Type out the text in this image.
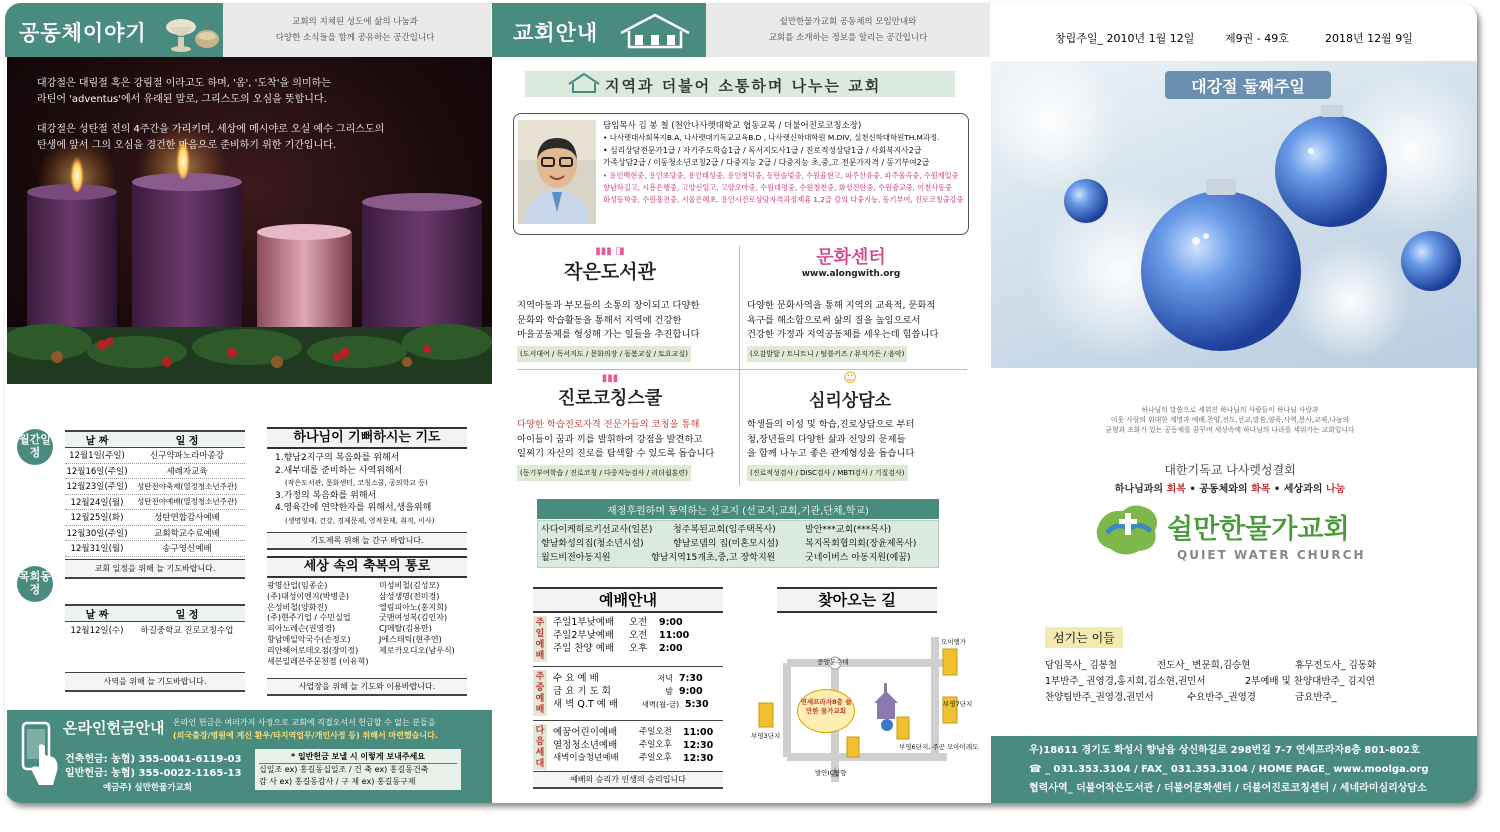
공동체이야기	교회의 지체된 성도에 삶의 나눔과
다양한 소식들을 함께 공유하는 공간입니다
대강절은 대림절 혹은 강림절 이라고도 하며, '옴', '도착'을 의미하는
라틴어 'adventus'에서 유래된 말로, 그리스도의 오심을 뜻합니다.
대강절은 성탄절 전의 4주간을 가리키며, 세상에 메시야로 오실 예수 그리스도의
탄생에 앞서 그의 오심을 경건한 마음으로 준비하기 위한 기간입니다.
월간일정
날 짜	일 정
12월1일(주일)	신구약파노라마종강
12월16일(주일)	세례자교육
12월23일(주일)	성탄전야축제(열정청소년주관)
12월24일(월)	성탄전야예배(열정청소년주관)
12월25일(화)	성탄연합감사예배
12월30일(주일)	교회학교수료예배
12월31일(월)	송구영신예배
교회 일정을 위해 늘 기도바랍니다.
목회동정
날 짜	일 정
12월12일(수)	하길중학교 진로코칭수업
사역을 위해 늘 기도바랍니다.
하나님이 기뻐하시는 기도
1.향남2지구의 복음화를 위해서
2.새부대를 준비하는 사역위해서
(작은도서관, 문화센터, 코칭스쿨, 공의학교 등)
3.가정의 복음화를 위해서
4.영육간에 연약한자를 위해서,생을위해
(생명잉태, 건강, 경제문제, 영적문제, 취직, 이사)
기도제목 위해 늘 간구 바랍니다.
세상 속의 축복의 통로
광명산업(임종순)
(주)대성이엔지(박병준)
은성비철(양화진)
(주)현주기업 / 수민실업
피아노레슨(권영경)
향남메일악국수(손정오)
리안헤어로데오점(장미정)
세븐일레븐주문천점 (이유혁)
미성비철(김성모)
삼성생명(전미경)
엘림피아노(홍지희)
굿맨여성복(김인자)
CJ메탈(김용만)
J에스테틱(현주연)
제로카오디오(남우식)
사업장을 위해 늘 기도와 이용바랍니다.
온라인헌금안내 온라인 헌금은 여러가지 사정으로 교회에 직접오셔서 헌금할 수 없는 분들을
(외국출장/병원에 계신 환우/타지역업무/개인사정 등) 위해서 마련했습니다.
건축헌금: 농협) 355-0041-6119-03
일반헌금: 농협) 355-0022-1165-13
예금주) 실만한물가교회
* 일반헌금 보낼 시 이렇게 보내주세요
십일조 ex) 홍길동십일조 / 건 축 ex) 홍길동건축
감 사 ex) 홍길동감사 / 구 제 ex) 홍길동구제
교회안내	쉴만한물가교회 공동체의 모임안내와
교회를 소개하는 정보를 알리는 공간입니다
지역과 더불어 소통하며 나누는 교회
담임목사 김 봉 철 (천안나사렛대학교 협동교목 / 더불어진로코칭소장)
• 나사렛대사회복지B.A, 나사렛대기독교교육B.D , 나사렛신학대학원 M.DIV, 실천신학대학원TH.M과정.
• 심리상담전문가1급 / 자기주도학습1급 / 독서지도사1급 / 진로적성상담1급 / 사회복지사2급
가족상담2급 / 이동청소년코칭2급 / 다중지능 2급 / 다중지능 초,중,고 전문가자격 / 동기부여2급
• 용인백현중, 용인초당중, 용인태성중, 용인청덕중, 동탄솔빛중, 수원율현고, 파주산유중, 파주율곡중, 수원제일중
향남하길고, 시흥은행중, 고양신일고, 고양오마중, 수원대평중, 수원청천중, 화성진안중, 수원광교중, 이천사동중
화성동학중, 수원율전중, 서울은혜초, 용인시진로상담자격과정제휴 1,2급 강의 다중지능, 동기부여, 진로코칭출강중
▮▮▮ ◨
작은도서관
지역아동과 부모들의 소통의 장이되고 다양한
문화와 학습활동을 통해서 지역에 건강한
마을공동체를 형성해 가는 일들을 추진합니다
(도서대여 / 독서지도 / 문화의장 / 돌봄교실 / 토요교실)
문화센터
www.alongwith.org
다양한 문화사역을 통해 지역의 교육적, 문화적
욕구를 해소함으로써 삶의 질을 높임으로서
건강한 가정과 지역공동체를 세우는데 힘씁니다
(오감발달 / 트니트니 / 텀블키즈 / 뮤직가든 / 음악)
▮▮▮
진로코칭스쿨
다양한 학습진로자격 전문가들의 코칭을 통해
아이들이 꿈과 끼를 발휘하여 강점을 발견하고
일찌기 자신의 진로를 탐색할 수 있도록 돕습니다
(동기부여학습 / 진로코칭 / 다중지능검사 / 리더쉽훈련)
☺
심리상담소
학생들의 이성 및 학습,진로상담으로 부터
청,장년들의 다양한 삶과 신앙의 문제들
을 함께 나누고 좋은 관계형성을 돕습니다
(진로적성검사 / DISC검사 / MBTI검사 / 기질검사)
재정후원하며 동역하는 선교지 (선교지,교회,기관,단체,학교)
사다이케히로키선교사(일본)	청주복된교회(임주택목사)	발안***교회(***목사)
향남화성의집(청소년시설)	향남로뎀의 집(미혼모시설)	복지목회협의회(장윤제목사)
월드비전아동지원	향남지역15개초,중,고 장학지원	굿네이버스 아동지원(예꿈)
예배안내
주일예배
주일1부낮예배	오전	9:00
주일2부낮예배	오전	11:00
주일 찬양 예배	오후	2:00
주중예배
수 요 예 배	저녁 7:30
금 요 기 도 회	밤 9:00
새 벽 Q.T 예 배	새벽(월-금) 5:30
다음세대
예꿈어린이예배	주일오전	11:00
열정청소년예배	주일오후	12:30
새벽이슬청년예배	주일오후	12:30
예배의 승리가 인생의 승리입니다
찾아오는 길
모이엘가
중앙분수대
연세프라자8층 쉴만한 물가교회
부영7단지
부영3단지
부영6단지, 주공 모아미래도
발안IC방향
창립주일_ 2010년 1월 12일	제9권 - 49호	2018년 12월 9일
대강절 둘째주일
하나님의 말씀으로 세워진 하나님의 사람들이 하나님 사랑과
이웃 사랑의 위대한 계명과 예배,찬양,전도,선교,말씀,양육,사역,봉사,교제,나눔의
균형과 조화가 있는 공동체를 꿈꾸며 세상속에 하나님의 나라를 세워가는 교회입니다
대한기독교 나사렛성결회
하나님과의 회복 • 공동체와의 화목 • 세상과의 나눔
쉴만한물가교회
QUIET WATER CHURCH
섬기는 이들
담임목사_ 김봉철	전도사_ 변문희,김승현	휴무전도사_ 김동화
1부반주_ 권영경,홍지희,김소현,권민서	2부예배 및 찬양대반주_ 김지연
찬양팀반주_권영경,권민서	수요반주_권영경	금요반주_
우)18611 경기도 화성시 향남읍 상신하길로 298번길 7-7 연세프라자8층 801-802호
☎ _ 031.353.3104 / FAX_ 031.353.3104 / HOME PAGE_ www.moolga.org
협력사역_ 더불어작은도서관 / 더불어문화센터 / 더불어진로코칭센터 / 세네라미심리상담소
